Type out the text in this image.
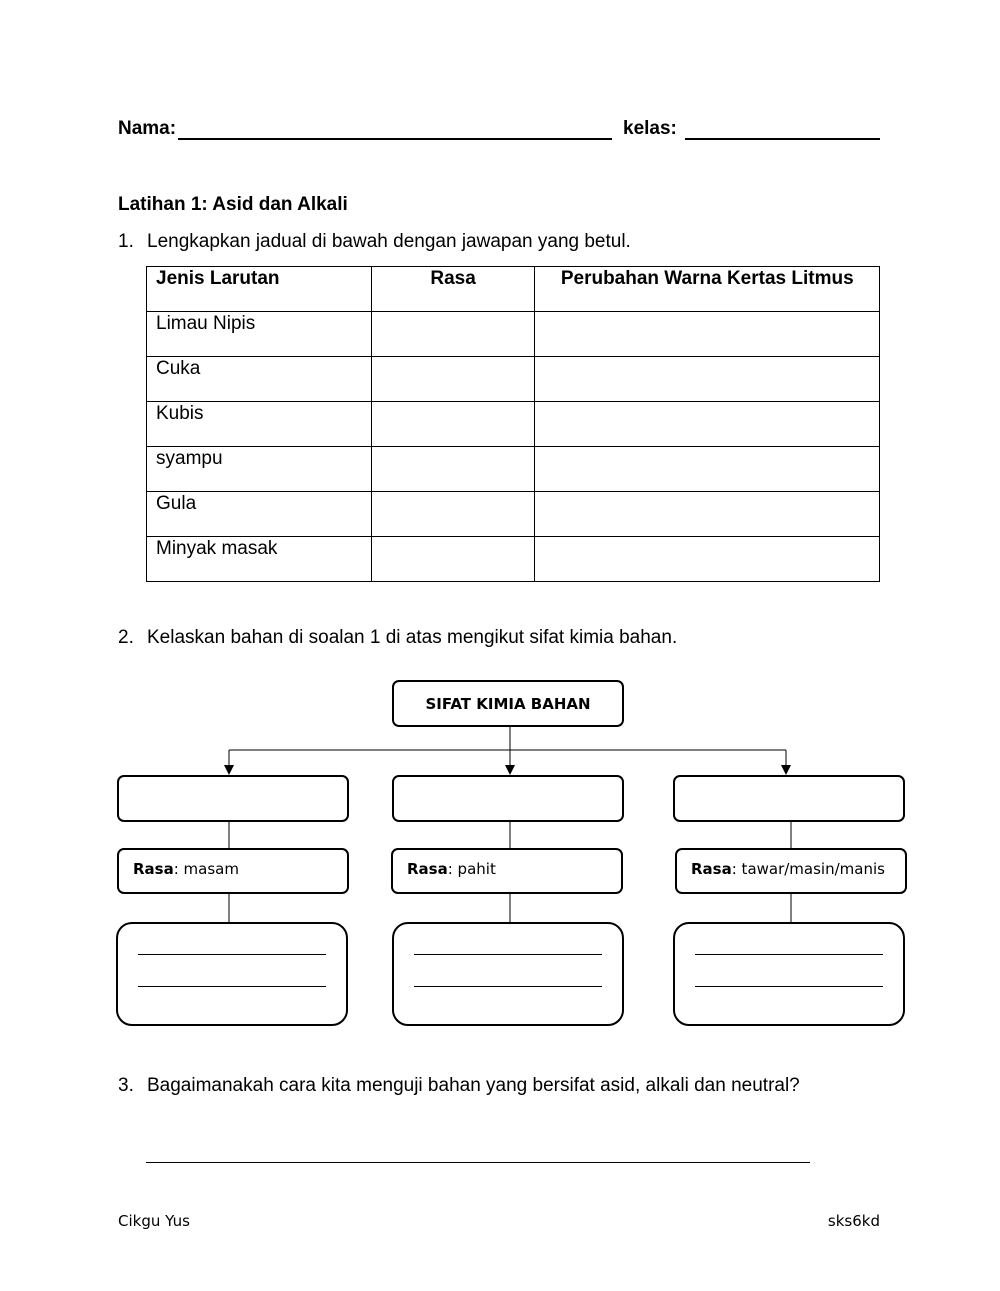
Nama:	kelas:
Latihan 1: Asid dan Alkali
1. Lengkapkan jadual di bawah dengan jawapan yang betul.
Jenis Larutan	Rasa	Perubahan Warna Kertas Litmus
Limau Nipis		
Cuka		
Kubis		
syampu		
Gula		
Minyak masak		
2. Kelaskan bahan di soalan 1 di atas mengikut sifat kimia bahan.
SIFAT KIMIA BAHAN
Rasa: masam	Rasa: pahit	Rasa: tawar/masin/manis
3. Bagaimanakah cara kita menguji bahan yang bersifat asid, alkali dan neutral?
Cikgu Yus	sks6kd
